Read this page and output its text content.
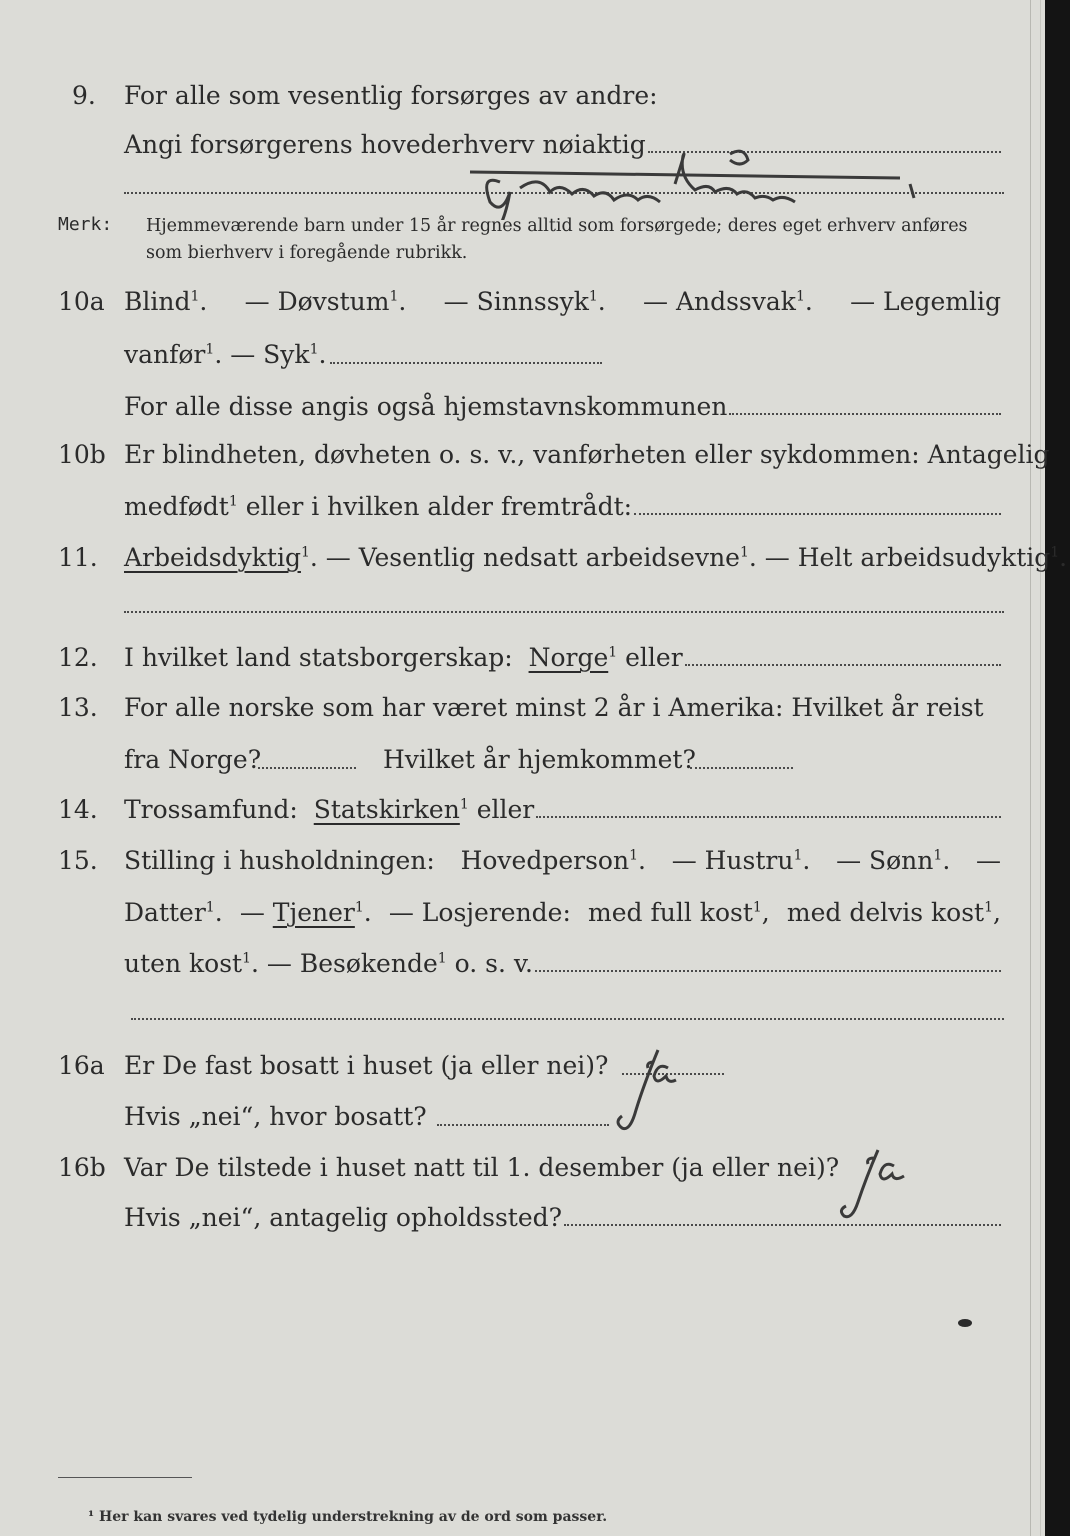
9. For alle som vesentlig forsørges av andre:
Angi forsørgerens hovederhverv nøiaktig
Merk: Hjemmeværende barn under 15 år regnes alltid som forsørgede; deres eget erhverv anføres som bierhverv i foregående rubrikk.
10a Blind$^1$. — Døvstum$^1$. — Sinnssyk$^1$. — Andssvak$^1$. — Legemlig
vanfør$^1$. — Syk$^1$.
For alle disse angis også hjemstavnskommunen
10b Er blindheten, døvheten o. s. v., vanførheten eller sykdommen: Antagelig
medfødt$^1$ eller i hvilken alder fremtrådt:
11. Arbeidsdyktig$^1$. — Vesentlig nedsatt arbeidsevne$^1$. — Helt arbeidsudyktig$^1$.
12. I hvilket land statsborgerskap:
Norge$^1$ eller
13. For alle norske som har været minst 2 år i Amerika: Hvilket år reist
fra Norge?	Hvilket år hjemkommet?
14. Trossamfund:
Statskirken$^1$ eller
15. Stilling i husholdningen: Hovedperson$^1$. — Hustru$^1$. — Sønn$^1$. —
Datter$^1$. — Tjener$^1$. — Losjerende: med full kost$^1$, med delvis kost$^1$,
uten kost$^1$. — Besøkende$^1$ o. s. v.
16a Er De fast bosatt i huset (ja eller nei)?
Hvis „nei“, hvor bosatt?
16b Var De tilstede i huset natt til 1. desember (ja eller nei)?
Hvis „nei“, antagelig opholdssted?
¹ Her kan svares ved tydelig understrekning av de ord som passer.
